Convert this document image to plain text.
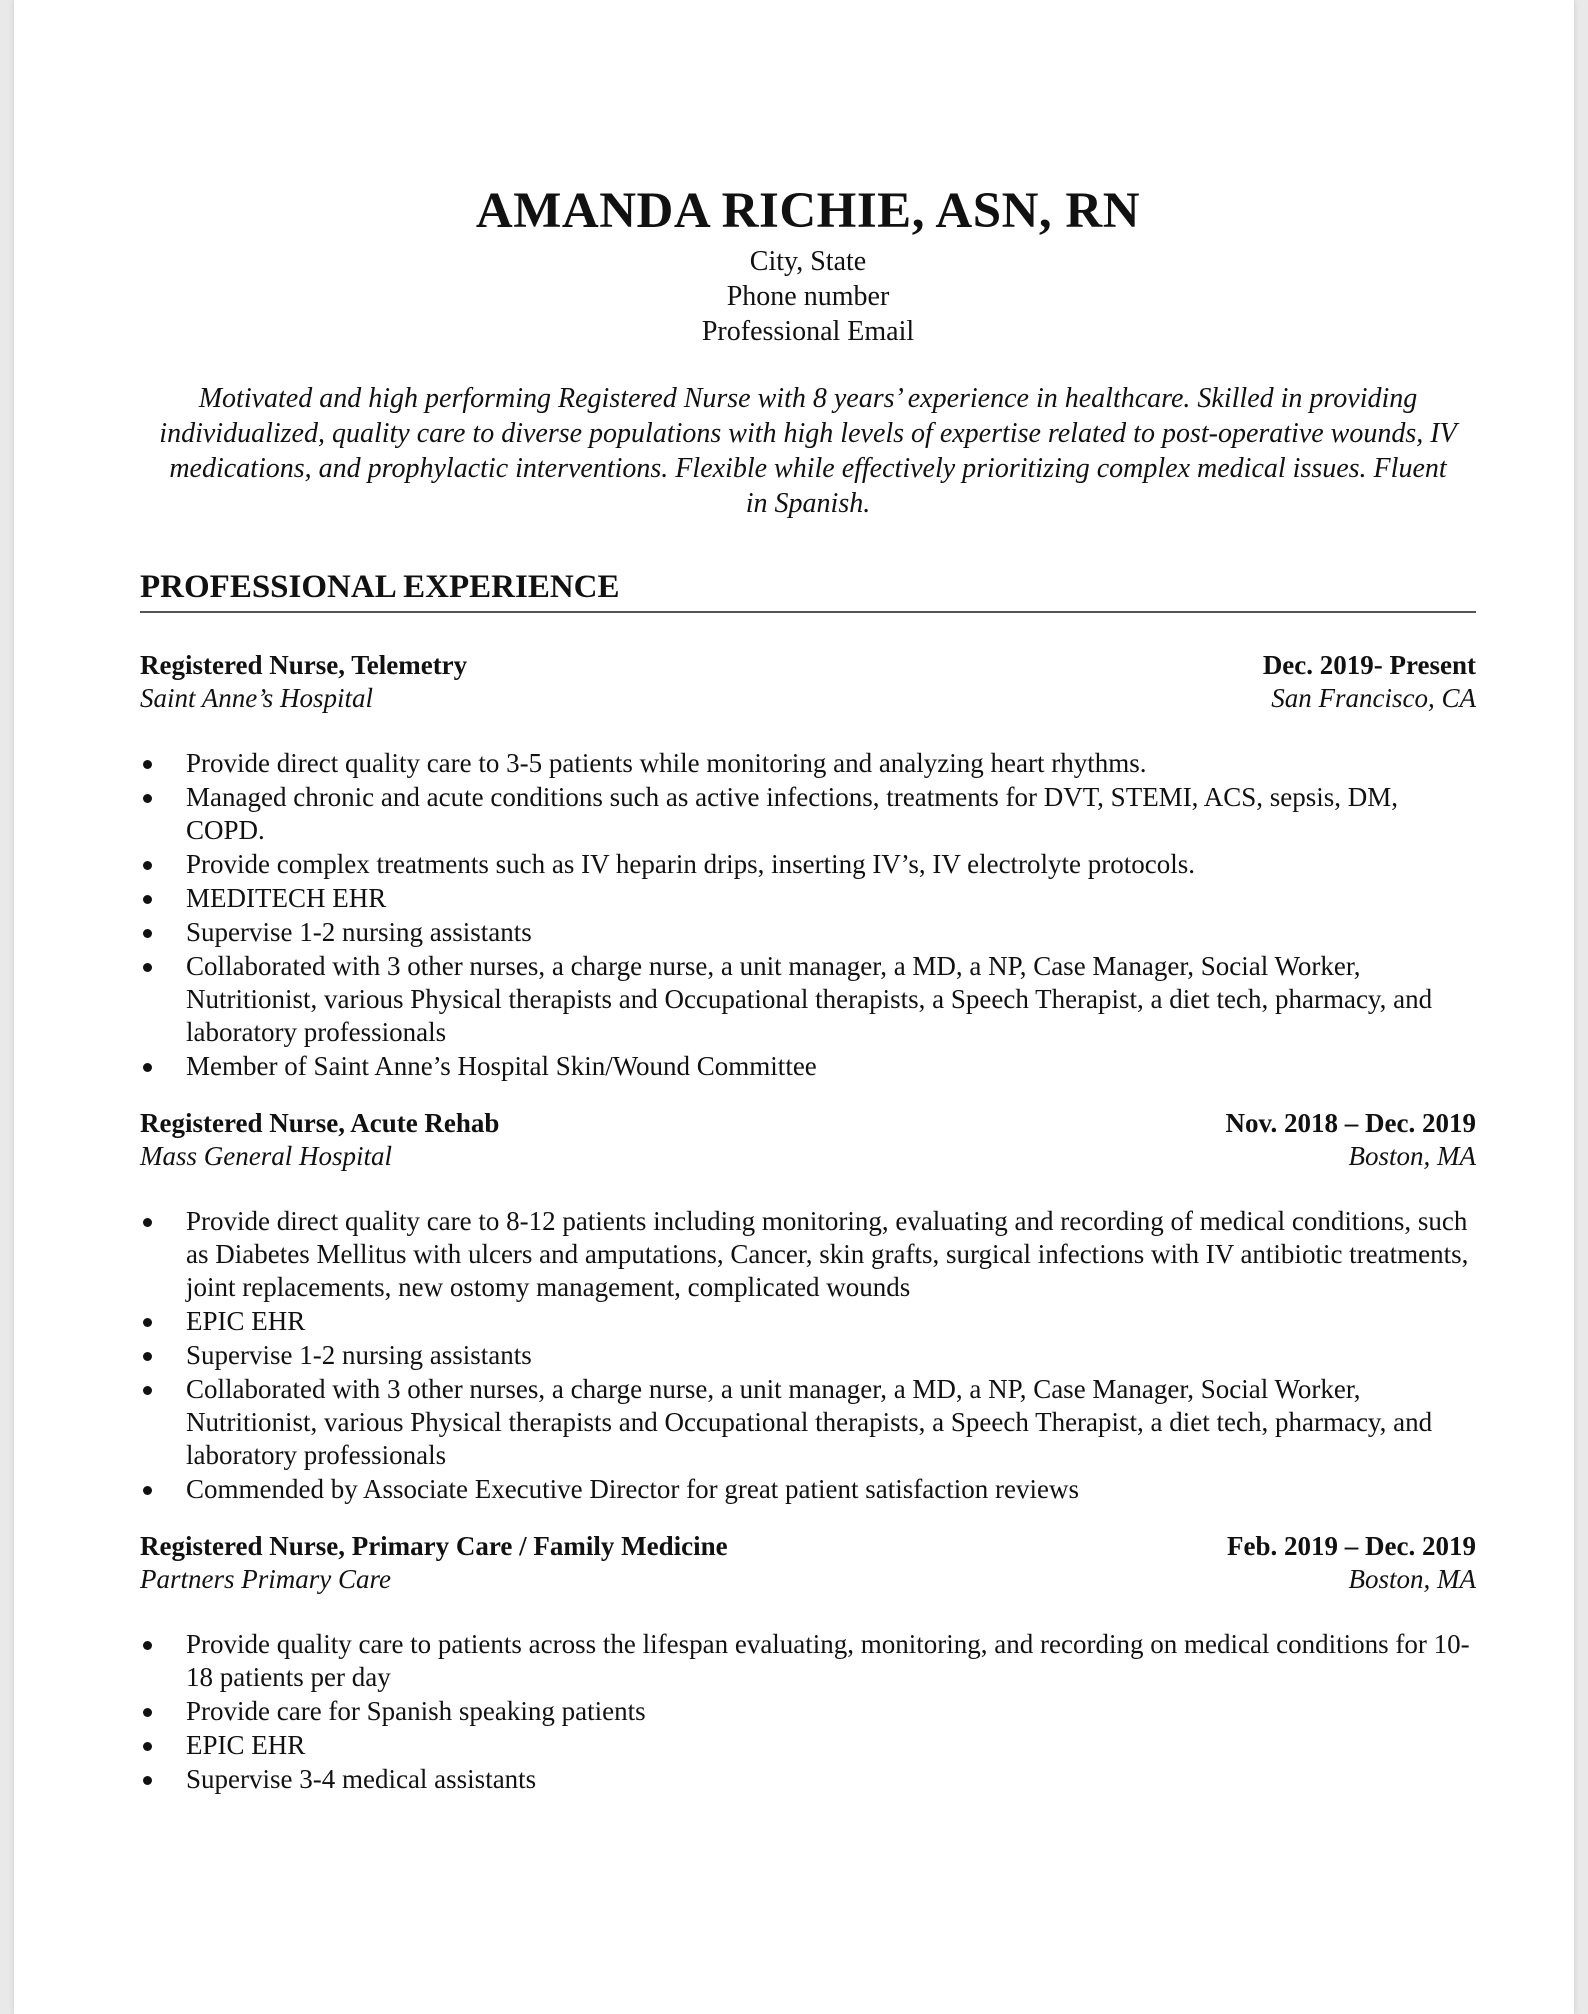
AMANDA RICHIE, ASN, RN
City, State
Phone number
Professional Email
Motivated and high performing Registered Nurse with 8 years’ experience in healthcare. Skilled in providing individualized, quality care to diverse populations with high levels of expertise related to post-operative wounds, IV medications, and prophylactic interventions. Flexible while effectively prioritizing complex medical issues. Fluent in Spanish.
PROFESSIONAL EXPERIENCE
Registered Nurse, Telemetry	Dec. 2019- Present
Saint Anne’s Hospital	San Francisco, CA
Provide direct quality care to 3-5 patients while monitoring and analyzing heart rhythms.
Managed chronic and acute conditions such as active infections, treatments for DVT, STEMI, ACS, sepsis, DM, COPD.
Provide complex treatments such as IV heparin drips, inserting IV’s, IV electrolyte protocols.
MEDITECH EHR
Supervise 1-2 nursing assistants
Collaborated with 3 other nurses, a charge nurse, a unit manager, a MD, a NP, Case Manager, Social Worker, Nutritionist, various Physical therapists and Occupational therapists, a Speech Therapist, a diet tech, pharmacy, and laboratory professionals
Member of Saint Anne’s Hospital Skin/Wound Committee
Registered Nurse, Acute Rehab	Nov. 2018 – Dec. 2019
Mass General Hospital	Boston, MA
Provide direct quality care to 8-12 patients including monitoring, evaluating and recording of medical conditions, such as Diabetes Mellitus with ulcers and amputations, Cancer, skin grafts, surgical infections with IV antibiotic treatments, joint replacements, new ostomy management, complicated wounds
EPIC EHR
Supervise 1-2 nursing assistants
Collaborated with 3 other nurses, a charge nurse, a unit manager, a MD, a NP, Case Manager, Social Worker, Nutritionist, various Physical therapists and Occupational therapists, a Speech Therapist, a diet tech, pharmacy, and laboratory professionals
Commended by Associate Executive Director for great patient satisfaction reviews
Registered Nurse, Primary Care / Family Medicine	Feb. 2019 – Dec. 2019
Partners Primary Care	Boston, MA
Provide quality care to patients across the lifespan evaluating, monitoring, and recording on medical conditions for 10-18 patients per day
Provide care for Spanish speaking patients
EPIC EHR
Supervise 3-4 medical assistants
